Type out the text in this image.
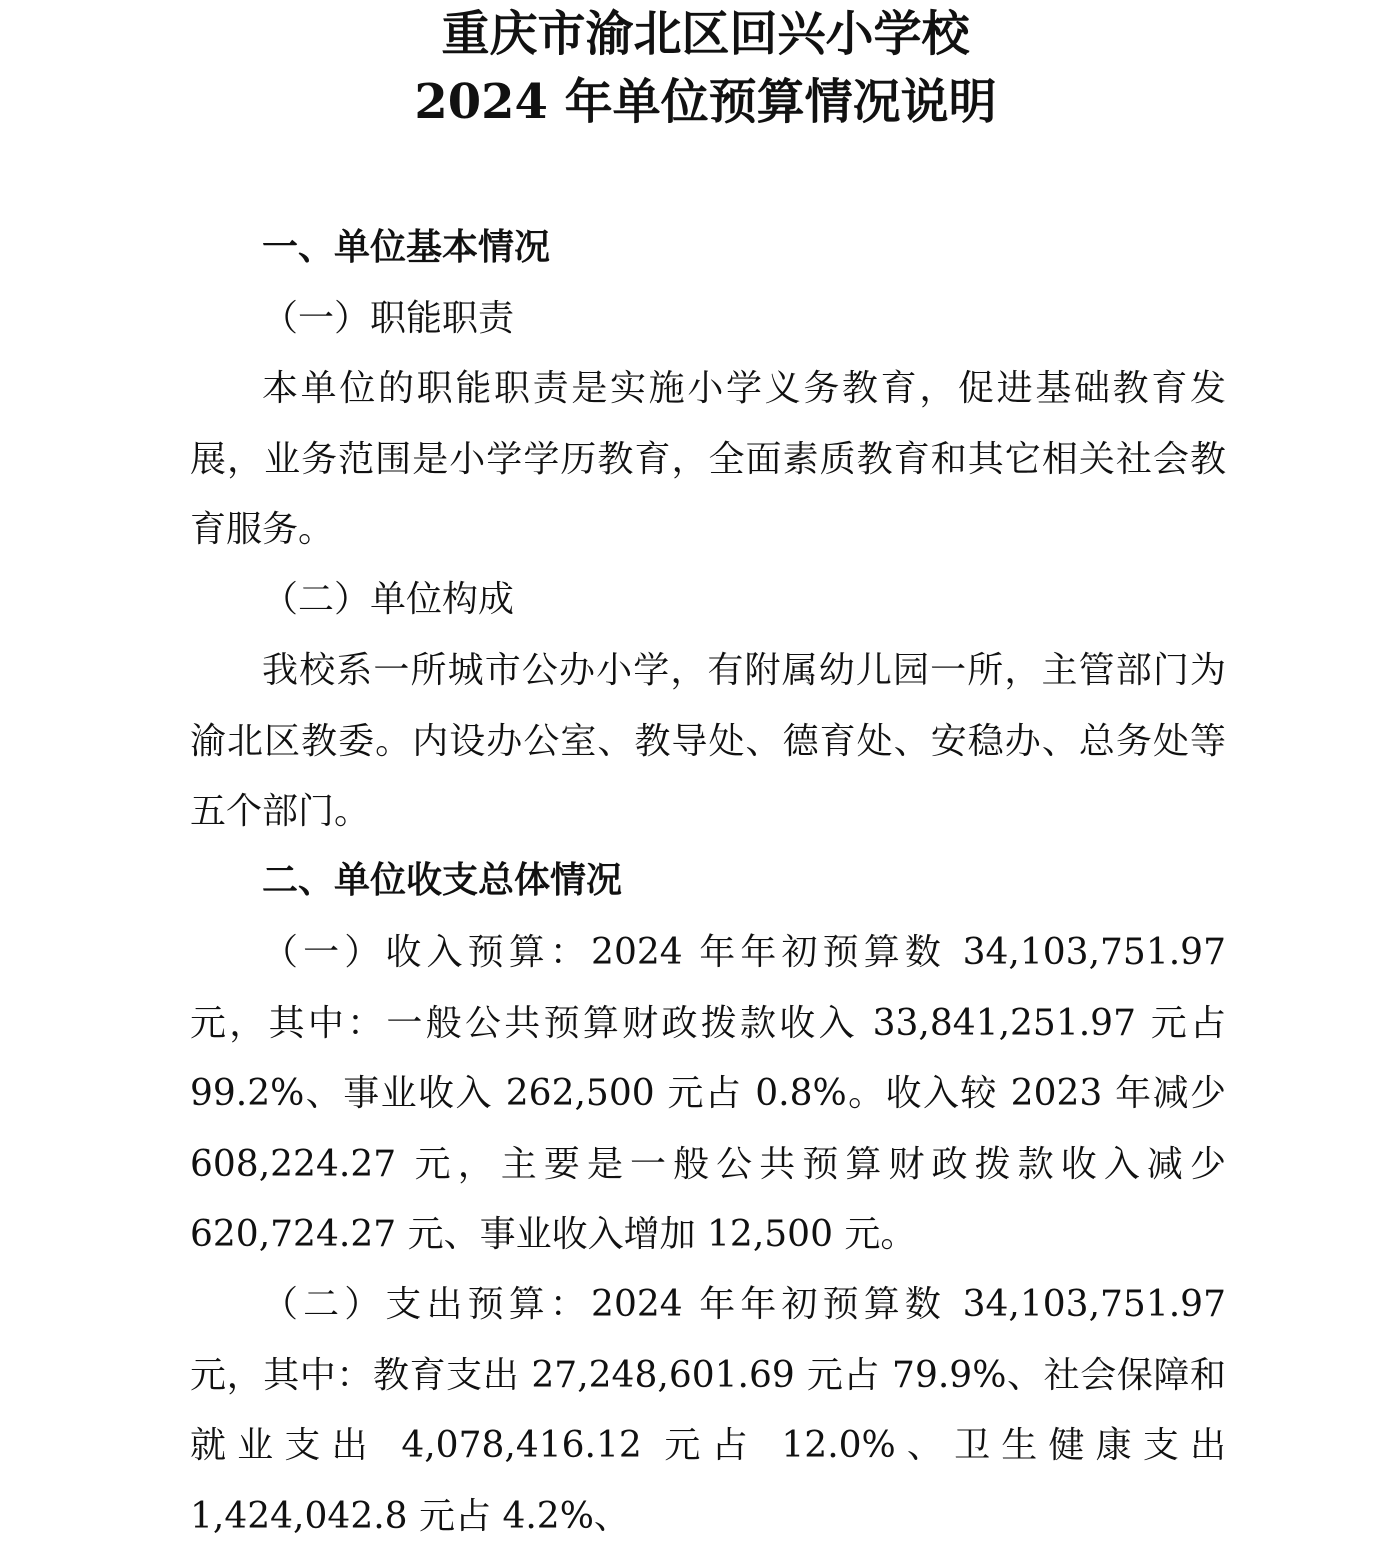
重庆市渝北区回兴小学校
2024 年单位预算情况说明
一、单位基本情况
（一）职能职责

本单位的职能职责是实施小学义务教育，促进基础教育发展，业务范围是小学学历教育，全面素质教育和其它相关社会教育服务。

（二）单位构成

我校系一所城市公办小学，有附属幼儿园一所，主管部门为渝北区教委。内设办公室、教导处、德育处、安稳办、总务处等五个部门。

二、单位收支总体情况

（一）收入预算：2024 年年初预算数 34,103,751.97 元，其中：一般公共预算财政拨款收入 33,841,251.97 元占 99.2%、事业收入 262,500 元占 0.8%。收入较 2023 年减少 608,224.27 元，主要是一般公共预算财政拨款收入减少 620,724.27 元、事业收入增加 12,500 元。

（二）支出预算：2024 年年初预算数 34,103,751.97 元，其中：教育支出 27,248,601.69 元占 79.9%、社会保障和就业支出 4,078,416.12 元占 12.0%、卫生健康支出 1,424,042.8 元占 4.2%、
